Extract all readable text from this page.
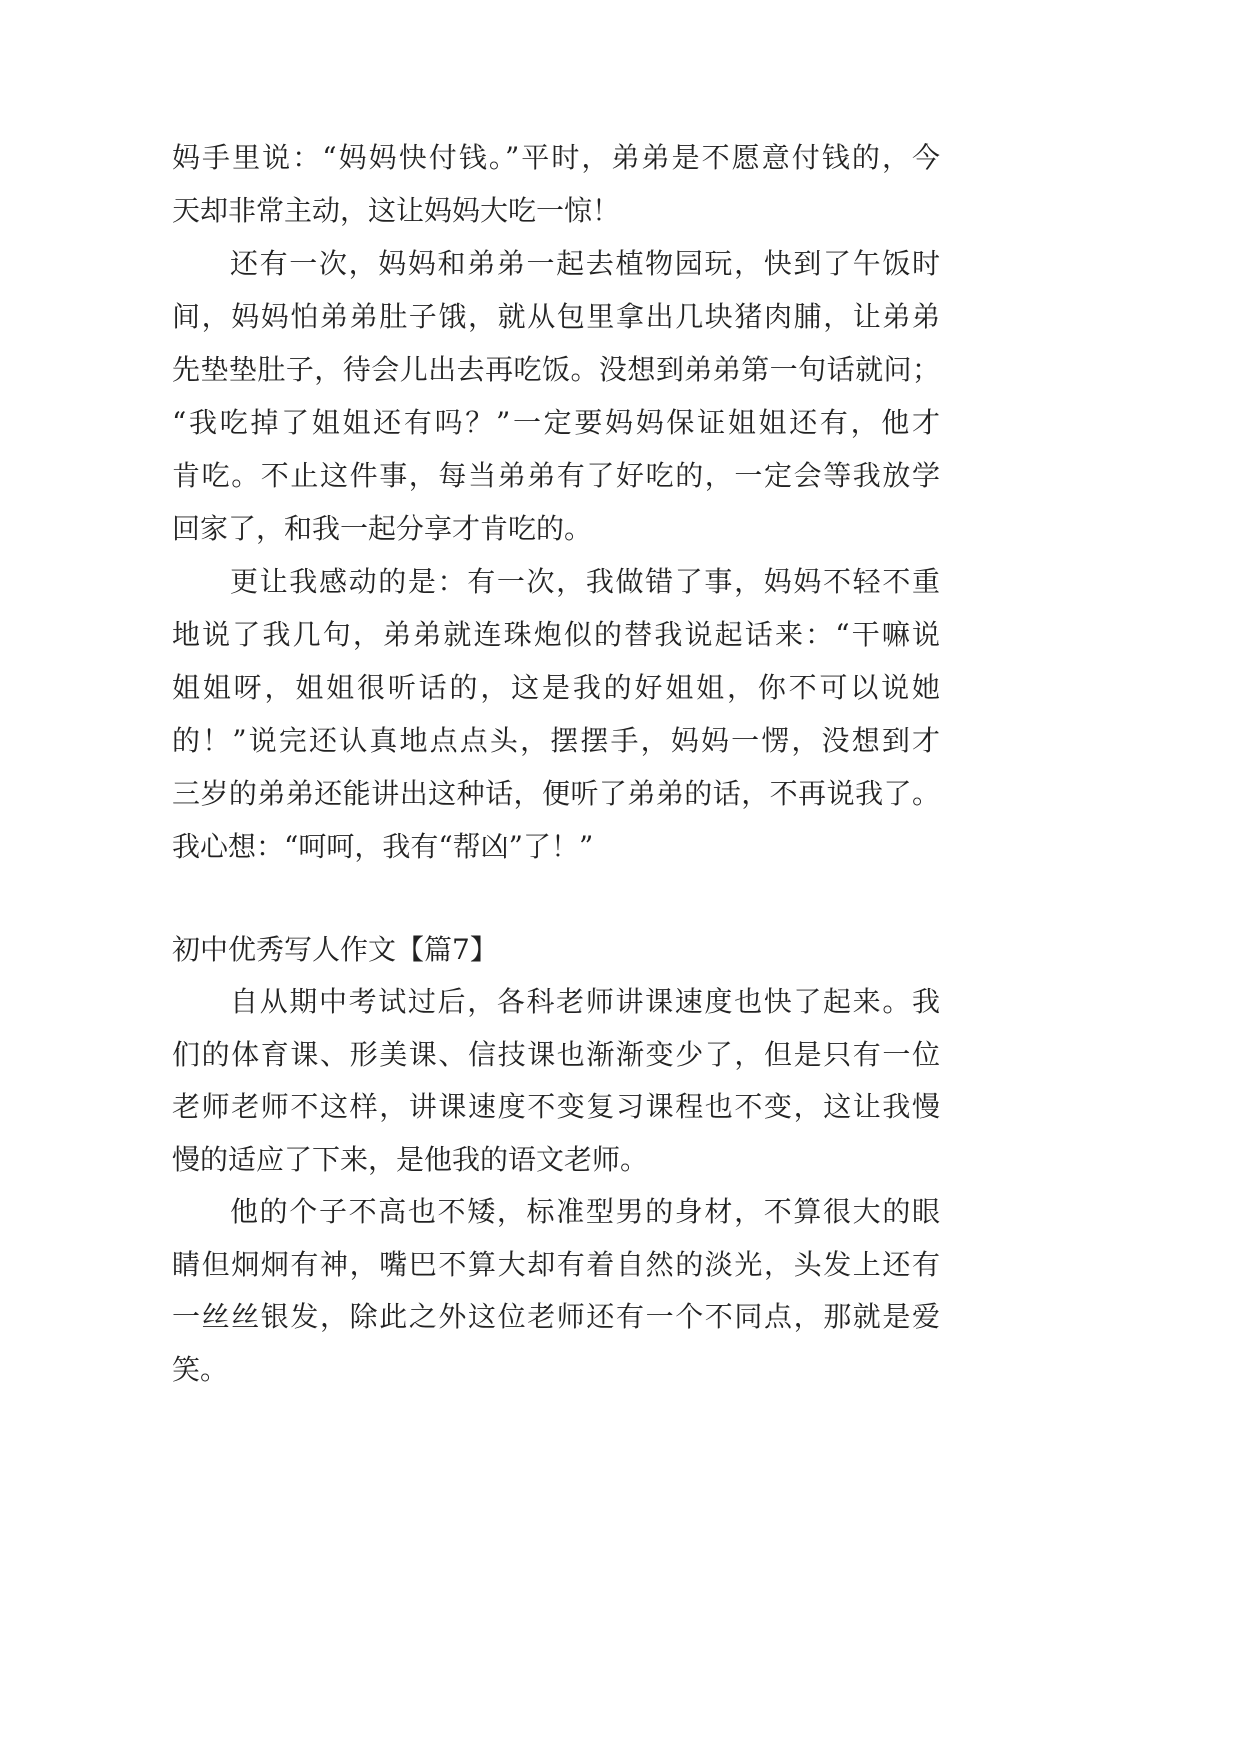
妈手里说：“妈妈快付钱。”平时，弟弟是不愿意付钱的，今
天却非常主动，这让妈妈大吃一惊！
还有一次，妈妈和弟弟一起去植物园玩，快到了午饭时
间，妈妈怕弟弟肚子饿，就从包里拿出几块猪肉脯，让弟弟
先垫垫肚子，待会儿出去再吃饭。没想到弟弟第一句话就问；
“我吃掉了姐姐还有吗？”一定要妈妈保证姐姐还有，他才
肯吃。不止这件事，每当弟弟有了好吃的，一定会等我放学
回家了，和我一起分享才肯吃的。
更让我感动的是：有一次，我做错了事，妈妈不轻不重
地说了我几句，弟弟就连珠炮似的替我说起话来：“干嘛说
姐姐呀，姐姐很听话的，这是我的好姐姐，你不可以说她
的！”说完还认真地点点头，摆摆手，妈妈一愣，没想到才
三岁的弟弟还能讲出这种话，便听了弟弟的话，不再说我了。
我心想：“呵呵，我有“帮凶”了！”
初中优秀写人作文【篇7】
自从期中考试过后，各科老师讲课速度也快了起来。我
们的体育课、形美课、信技课也渐渐变少了，但是只有一位
老师老师不这样，讲课速度不变复习课程也不变，这让我慢
慢的适应了下来，是他我的语文老师。
他的个子不高也不矮，标准型男的身材，不算很大的眼
睛但炯炯有神，嘴巴不算大却有着自然的淡光，头发上还有
一丝丝银发，除此之外这位老师还有一个不同点，那就是爱
笑。
